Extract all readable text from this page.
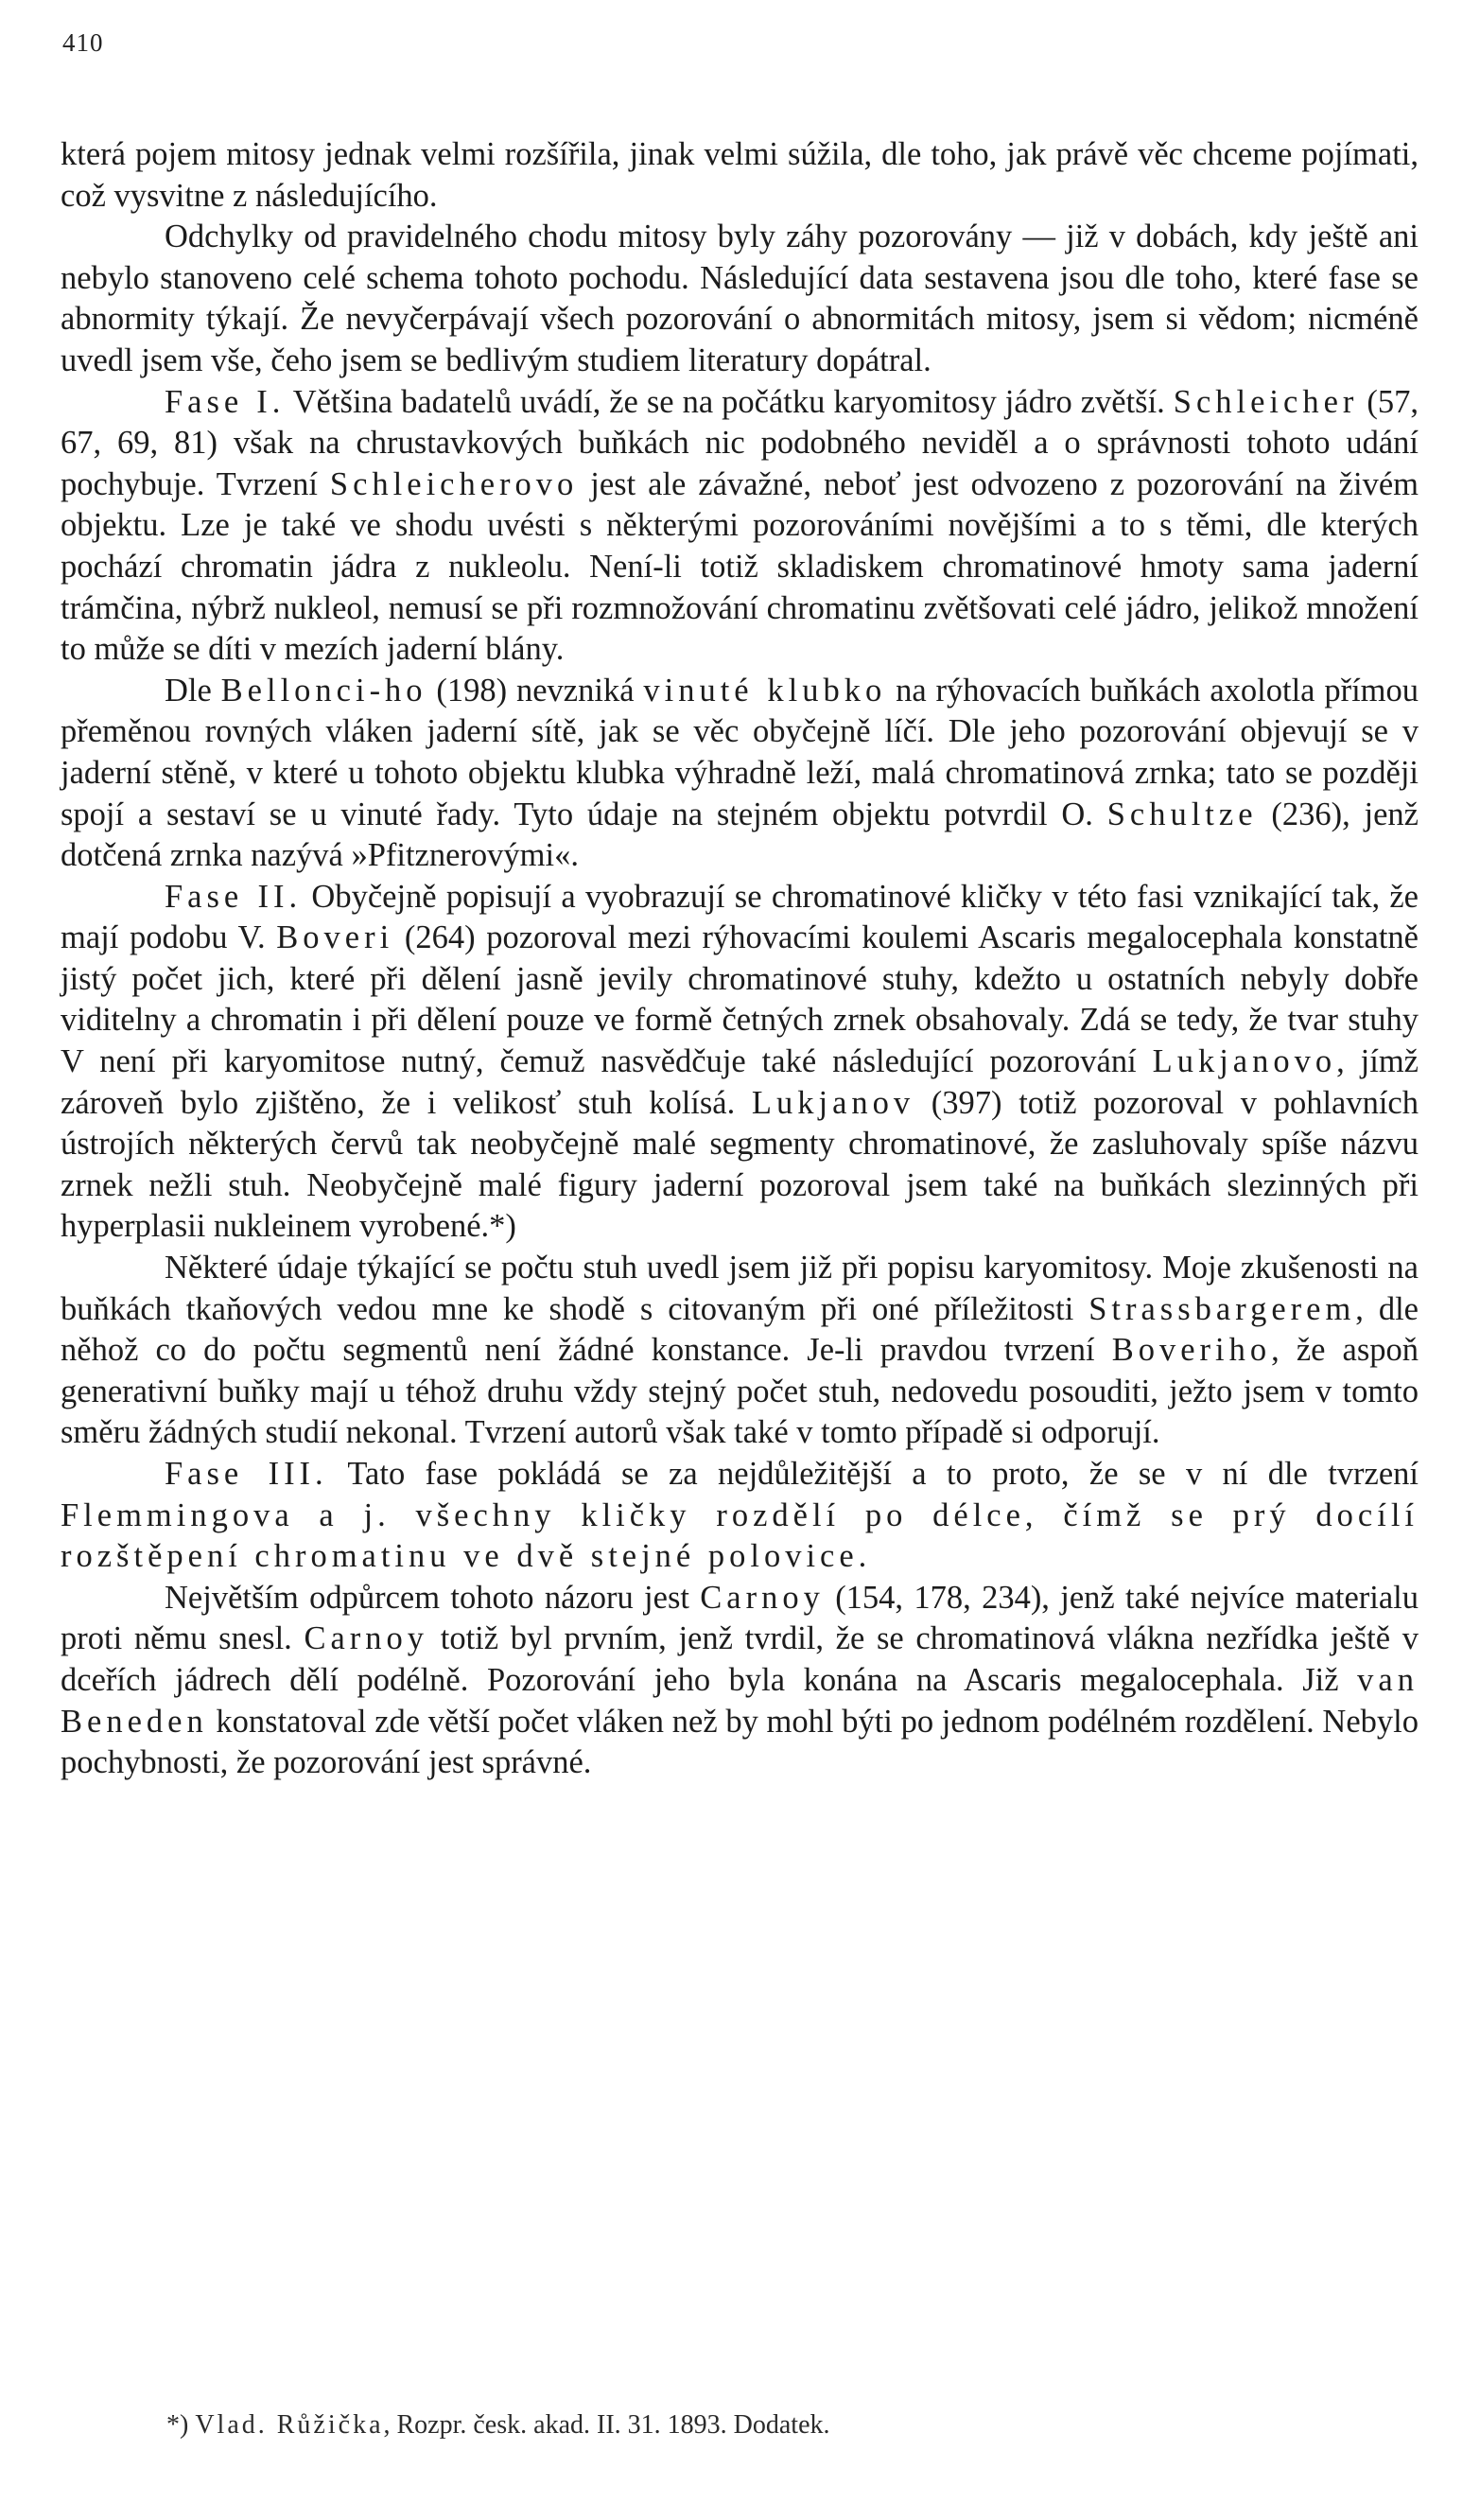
410

která pojem mitosy jednak velmi rozšířila, jinak velmi súžila, dle toho, jak právě věc chceme pojímati, což vysvitne z následujícího.

Odchylky od pravidelného chodu mitosy byly záhy pozorovány — již v dobách, kdy ještě ani nebylo stanoveno celé schema tohoto pochodu. Následující data sestavena jsou dle toho, které fase se abnormity týkají. Že nevyčerpávají všech pozorování o abnormitách mitosy, jsem si vědom; nicméně uvedl jsem vše, čeho jsem se bedlivým studiem literatury dopátral.

Fase I. Většina badatelů uvádí, že se na počátku karyomitosy jádro zvětší. Schleicher (57, 67, 69, 81) však na chrustavkových buňkách nic podobného neviděl a o správnosti tohoto udání pochybuje. Tvrzení Schleicherovo jest ale závažné, neboť jest odvozeno z pozorování na živém objektu. Lze je také ve shodu uvésti s některými pozorováními novějšími a to s těmi, dle kterých pochází chromatin jádra z nukleolu. Není-li totiž skladiskem chromatinové hmoty sama jaderní trámčina, nýbrž nukleol, nemusí se při rozmnožování chromatinu zvětšovati celé jádro, jelikož množení to může se díti v mezích jaderní blány.

Dle Bellonci-ho (198) nevzniká vinuté klubko na rýhovacích buňkách axolotla přímou přeměnou rovných vláken jaderní sítě, jak se věc obyčejně líčí. Dle jeho pozorování objevují se v jaderní stěně, v které u tohoto objektu klubka výhradně leží, malá chromatinová zrnka; tato se později spojí a sestaví se u vinuté řady. Tyto údaje na stejném objektu potvrdil O. Schultze (236), jenž dotčená zrnka nazývá »Pfitznerovými«.

Fase II. Obyčejně popisují a vyobrazují se chromatinové kličky v této fasi vznikající tak, že mají podobu V. Boveri (264) pozoroval mezi rýhovacími koulemi Ascaris megalocephala konstatně jistý počet jich, které při dělení jasně jevily chromatinové stuhy, kdežto u ostatních nebyly dobře viditelny a chromatin i při dělení pouze ve formě četných zrnek obsahovaly. Zdá se tedy, že tvar stuhy V není při karyomitose nutný, čemuž nasvědčuje také následující pozorování Lukjanovo, jímž zároveň bylo zjištěno, že i velikosť stuh kolísá. Lukjanov (397) totiž pozoroval v pohlavních ústrojích některých červů tak neobyčejně malé segmenty chromatinové, že zasluhovaly spíše názvu zrnek nežli stuh. Neobyčejně malé figury jaderní pozoroval jsem také na buňkách slezinných při hyperplasii nukleinem vyrobené.*)

Některé údaje týkající se počtu stuh uvedl jsem již při popisu karyomitosy. Moje zkušenosti na buňkách tkaňových vedou mne ke shodě s citovaným při oné příležitosti Strassbargerem, dle něhož co do počtu segmentů není žádné konstance. Je-li pravdou tvrzení Boveriho, že aspoň generativní buňky mají u téhož druhu vždy stejný počet stuh, nedovedu posouditi, ježto jsem v tomto směru žádných studií nekonal. Tvrzení autorů však také v tomto případě si odporují.

Fase III. Tato fase pokládá se za nejdůležitější a to proto, že se v ní dle tvrzení Flemmingova a j. všechny kličky rozdělí po délce, čímž se prý docílí rozštěpení chromatinu ve dvě stejné polovice.

Největším odpůrcem tohoto názoru jest Carnoy (154, 178, 234), jenž také nejvíce materialu proti němu snesl. Carnoy totiž byl prvním, jenž tvrdil, že se chromatinová vlákna nezřídka ještě v dceřích jádrech dělí podélně. Pozorování jeho byla konána na Ascaris megalocephala. Již van Beneden konstatoval zde větší počet vláken než by mohl býti po jednom podélném rozdělení. Nebylo pochybnosti, že pozorování jest správné.

*) Vlad. Růžička, Rozpr. česk. akad. II. 31. 1893. Dodatek.
